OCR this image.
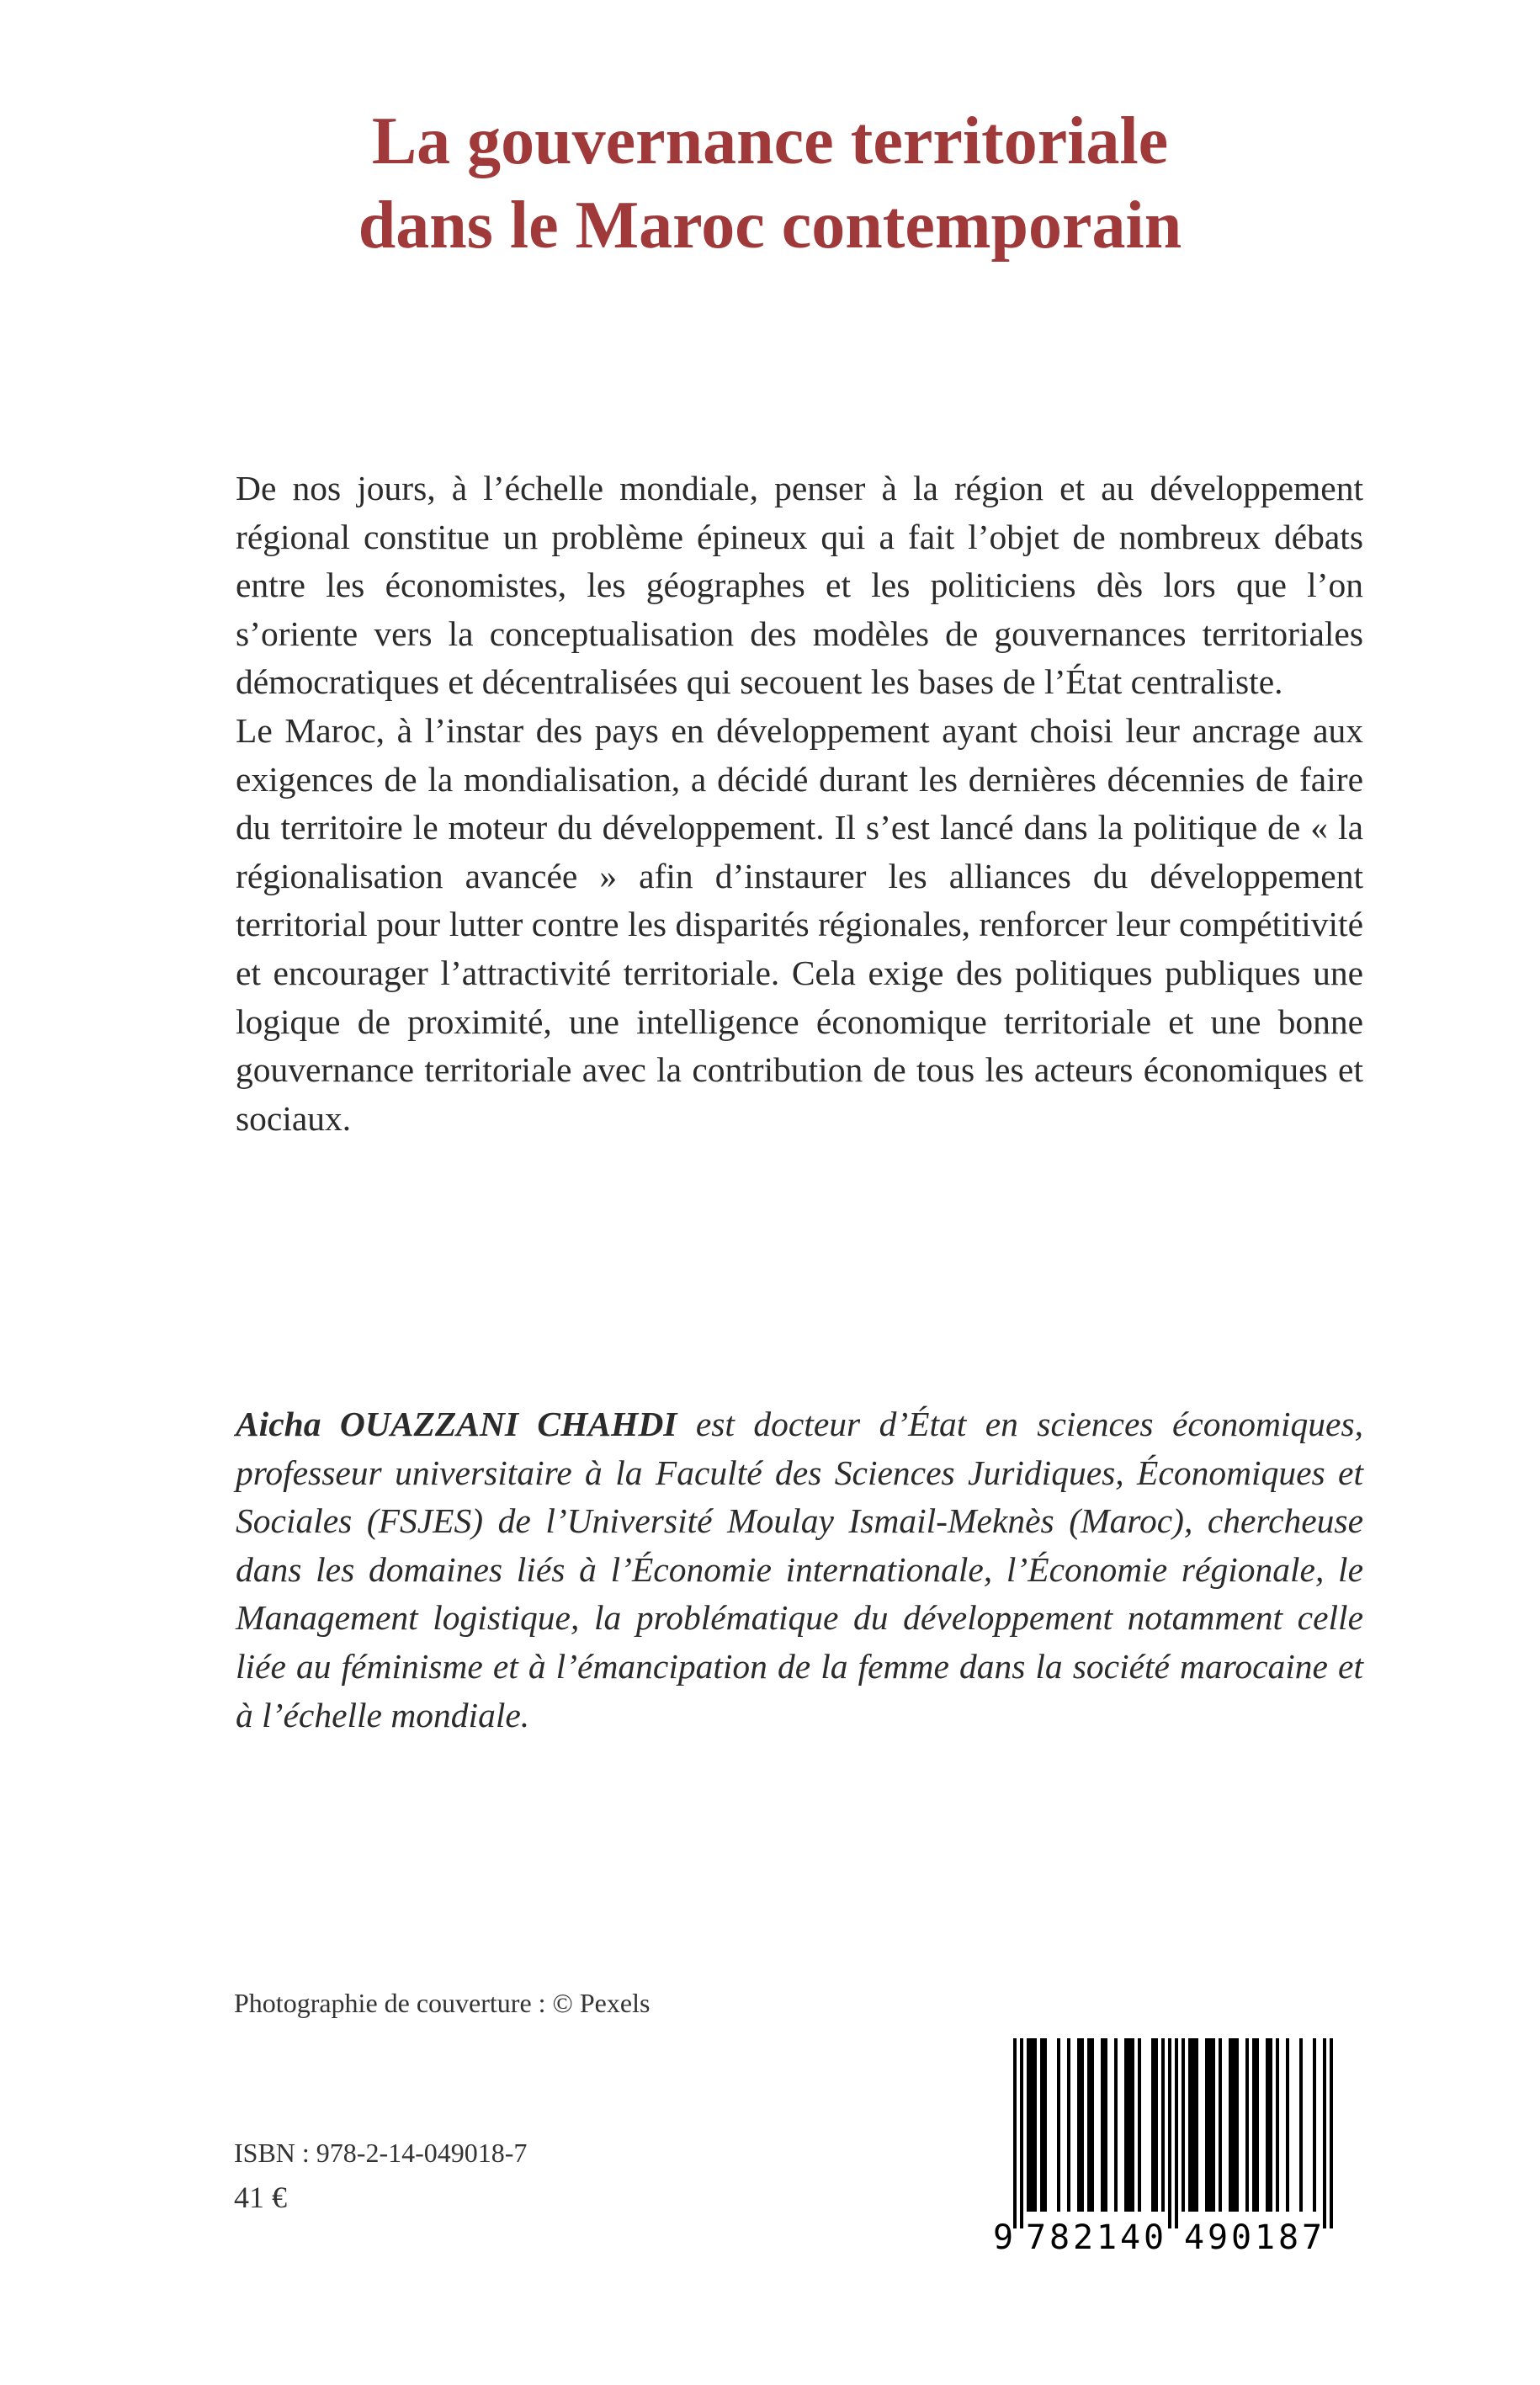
La gouvernance territoriale
dans le Maroc contemporain

De nos jours, à l’échelle mondiale, penser à la région et au développement régional constitue un problème épineux qui a fait l’objet de nombreux débats entre les économistes, les géographes et les politiciens dès lors que l’on s’oriente vers la conceptualisation des modèles de gouvernances territoriales démocratiques et décentralisées qui secouent les bases de l’État centraliste.

Le Maroc, à l’instar des pays en développement ayant choisi leur ancrage aux exigences de la mondialisation, a décidé durant les dernières décennies de faire du territoire le moteur du développement. Il s’est lancé dans la politique de « la régionalisation avancée » afin d’instaurer les alliances du développement territorial pour lutter contre les disparités régionales, renforcer leur compétitivité et encourager l’attractivité territoriale. Cela exige des politiques publiques une logique de proximité, une intelligence économique territoriale et une bonne gouvernance territoriale avec la contribution de tous les acteurs économiques et sociaux.

Aicha OUAZZANI CHAHDI est docteur d’État en sciences économiques, professeur universitaire à la Faculté des Sciences Juridiques, Économiques et Sociales (FSJES) de l’Université Moulay Ismail-Meknès (Maroc), chercheuse dans les domaines liés à l’Économie internationale, l’Économie régionale, le Management logistique, la problématique du développement notamment celle liée au féminisme et à l’émancipation de la femme dans la société marocaine et à l’échelle mondiale.

Photographie de couverture : © Pexels
ISBN : 978-2-14-049018-7
41 €
9 7 8 2 1 4 0 4 9 0 1 8 7
